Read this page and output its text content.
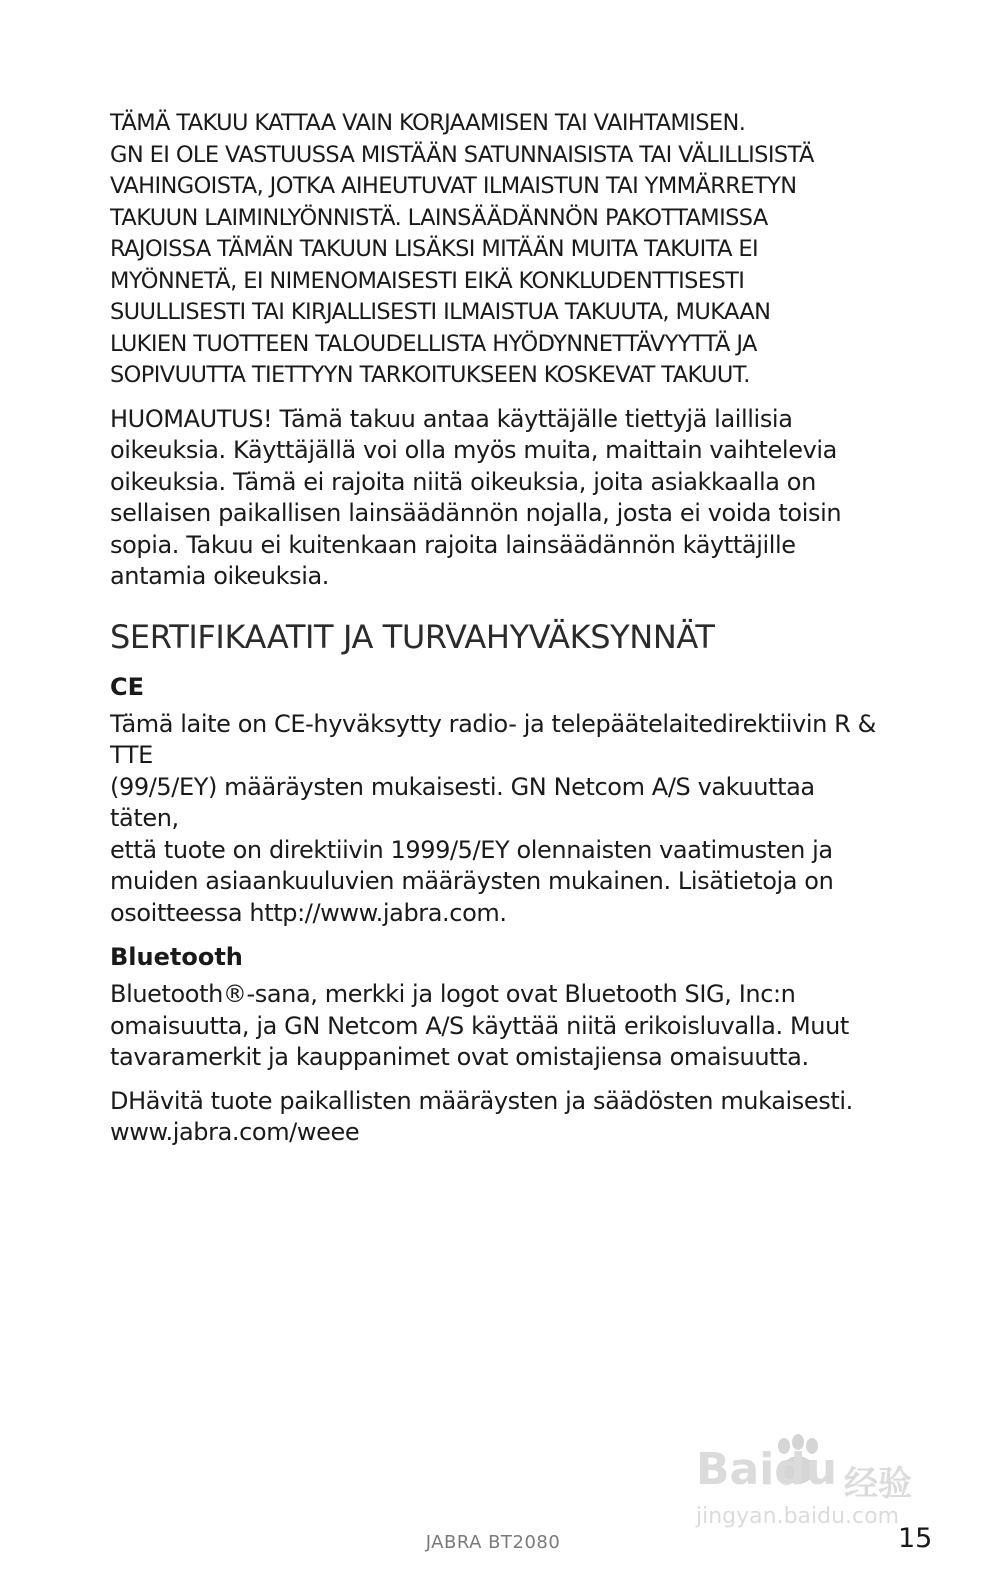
TÄMÄ TAKUU KATTAA VAIN KORJAAMISEN TAI VAIHTAMISEN.
GN EI OLE VASTUUSSA MISTÄÄN SATUNNAISISTA TAI VÄLILLISISTÄ
VAHINGOISTA, JOTKA AIHEUTUVAT ILMAISTUN TAI YMMÄRRETYN
TAKUUN LAIMINLYÖNNISTÄ. LAINSÄÄDÄNNÖN PAKOTTAMISSA
RAJOISSA TÄMÄN TAKUUN LISÄKSI MITÄÄN MUITA TAKUITA EI
MYÖNNETÄ, EI NIMENOMAISESTI EIKÄ KONKLUDENTTISESTI
SUULLISESTI TAI KIRJALLISESTI ILMAISTUA TAKUUTA, MUKAAN
LUKIEN TUOTTEEN TALOUDELLISTA HYÖDYNNETTÄVYYTTÄ JA
SOPIVUUTTA TIETTYYN TARKOITUKSEEN KOSKEVAT TAKUUT.
HUOMAUTUS! Tämä takuu antaa käyttäjälle tiettyjä laillisia
oikeuksia. Käyttäjällä voi olla myös muita, maittain vaihtelevia
oikeuksia. Tämä ei rajoita niitä oikeuksia, joita asiakkaalla on
sellaisen paikallisen lainsäädännön nojalla, josta ei voida toisin
sopia. Takuu ei kuitenkaan rajoita lainsäädännön käyttäjille
antamia oikeuksia.
SERTIFIKAATIT JA TURVAHYVÄKSYNNÄT
CE
Tämä laite on CE-hyväksytty radio- ja telepäätelaitedirektiivin R & TTE
(99/5/EY) määräysten mukaisesti. GN Netcom A/S vakuuttaa täten,
että tuote on direktiivin 1999/5/EY olennaisten vaatimusten ja
muiden asiaankuuluvien määräysten mukainen. Lisätietoja on
osoitteessa http://www.jabra.com.
Bluetooth
Bluetooth®-sana, merkki ja logot ovat Bluetooth SIG, Inc:n
omaisuutta, ja GN Netcom A/S käyttää niitä erikoisluvalla. Muut
tavaramerkit ja kauppanimet ovat omistajiensa omaisuutta.
DHävitä tuote paikallisten määräysten ja säädösten mukaisesti.
www.jabra.com/weee
Baidu 经验
jingyan.baidu.com
JABRA BT2080	15
